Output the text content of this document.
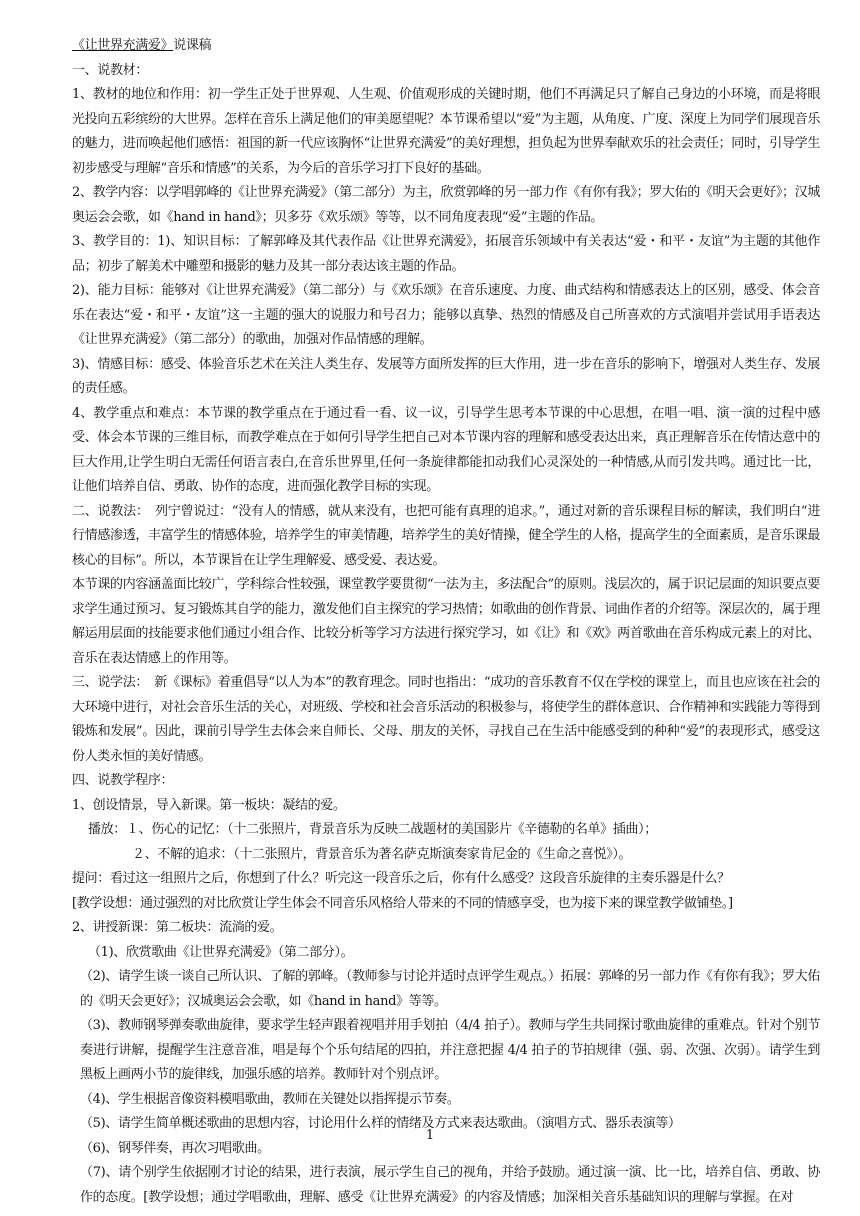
《让世界充满爱》说课稿

一、说教材：

1、教材的地位和作用：初一学生正处于世界观、人生观、价值观形成的关键时期，他们不再满足只了解自己身边的小环境，而是将眼光投向五彩缤纷的大世界。怎样在音乐上满足他们的审美愿望呢？本节课希望以“爱”为主题，从角度、广度、深度上为同学们展现音乐的魅力，进而唤起他们感悟：祖国的新一代应该胸怀“让世界充满爱”的美好理想，担负起为世界奉献欢乐的社会责任；同时，引导学生初步感受与理解“音乐和情感”的关系，为今后的音乐学习打下良好的基础。

2、教学内容：以学唱郭峰的《让世界充满爱》（第二部分）为主，欣赏郭峰的另一部力作《有你有我》；罗大佑的《明天会更好》；汉城奥运会会歌，如《hand in hand》；贝多芬《欢乐颂》等等，以不同角度表现“爱”主题的作品。

3、教学目的：1)、知识目标：了解郭峰及其代表作品《让世界充满爱》，拓展音乐领域中有关表达“爱・和平・友谊”为主题的其他作品；初步了解美术中雕塑和摄影的魅力及其一部分表达该主题的作品。

2)、能力目标：能够对《让世界充满爱》（第二部分）与《欢乐颂》在音乐速度、力度、曲式结构和情感表达上的区别，感受、体会音乐在表达“爱・和平・友谊”这一主题的强大的说服力和号召力；能够以真挚、热烈的情感及自己所喜欢的方式演唱并尝试用手语表达《让世界充满爱》（第二部分）的歌曲，加强对作品情感的理解。

3)、情感目标：感受、体验音乐艺术在关注人类生存、发展等方面所发挥的巨大作用，进一步在音乐的影响下，增强对人类生存、发展的责任感。

4、教学重点和难点：本节课的教学重点在于通过看一看、议一议，引导学生思考本节课的中心思想，在唱一唱、演一演的过程中感受、体会本节课的三维目标，而教学难点在于如何引导学生把自己对本节课内容的理解和感受表达出来，真正理解音乐在传情达意中的巨大作用,让学生明白无需任何语言表白,在音乐世界里,任何一条旋律都能扣动我们心灵深处的一种情感,从而引发共鸣。通过比一比，让他们培养自信、勇敢、协作的态度，进而强化教学目标的实现。

二、说教法：　列宁曾说过：“没有人的情感，就从来没有，也把可能有真理的追求。”，通过对新的音乐课程目标的解读，我们明白“进行情感渗透，丰富学生的情感体验，培养学生的审美情趣，培养学生的美好情操，健全学生的人格，提高学生的全面素质，是音乐课最核心的目标”。所以，本节课旨在让学生理解爱、感受爱、表达爱。

本节课的内容涵盖面比较广，学科综合性较强，课堂教学要贯彻“一法为主，多法配合”的原则。浅层次的，属于识记层面的知识要点要求学生通过预习、复习锻炼其自学的能力，激发他们自主探究的学习热情；如歌曲的创作背景、词曲作者的介绍等。深层次的，属于理解运用层面的技能要求他们通过小组合作、比较分析等学习方法进行探究学习，如《让》和《欢》两首歌曲在音乐构成元素上的对比、音乐在表达情感上的作用等。

三、说学法：　新《课标》着重倡导“以人为本”的教育理念。同时也指出：“成功的音乐教育不仅在学校的课堂上，而且也应该在社会的大环境中进行，对社会音乐生活的关心，对班级、学校和社会音乐活动的积极参与，将使学生的群体意识、合作精神和实践能力等得到锻炼和发展”。因此，课前引导学生去体会来自师长、父母、朋友的关怀，寻找自己在生活中能感受到的种种“爱”的表现形式，感受这份人类永恒的美好情感。

四、说教学程序：

1、创设情景，导入新课。第一板块：凝结的爱。

播放：１、伤心的记忆：（十二张照片，背景音乐为反映二战题材的美国影片《辛德勒的名单》插曲）；

２、不解的追求：（十二张照片，背景音乐为著名萨克斯演奏家肯尼金的《生命之喜悦》）。

提问：看过这一组照片之后，你想到了什么？听完这一段音乐之后，你有什么感受？这段音乐旋律的主奏乐器是什么？

[教学设想：通过强烈的对比欣赏让学生体会不同音乐风格给人带来的不同的情感享受，也为接下来的课堂教学做铺垫。]

2、讲授新课：第二板块：流淌的爱。

（1)、欣赏歌曲《让世界充满爱》（第二部分）。

（2)、请学生谈一谈自己所认识、了解的郭峰。（教师参与讨论并适时点评学生观点。）拓展：郭峰的另一部力作《有你有我》；罗大佑的《明天会更好》；汉城奥运会会歌，如《hand in hand》等等。

（3)、教师钢琴弹奏歌曲旋律，要求学生轻声跟着视唱并用手划拍（4/4 拍子）。教师与学生共同探讨歌曲旋律的重难点。针对个别节奏进行讲解，提醒学生注意音准，唱是每个个乐句结尾的四拍，并注意把握 4/4 拍子的节拍规律（强、弱、次强、次弱）。请学生到黑板上画两小节的旋律线，加强乐感的培养。教师针对个别点评。

（4)、学生根据音像资料模唱歌曲，教师在关键处以指挥提示节奏。

（5)、请学生简单概述歌曲的思想内容，讨论用什么样的情绪及方式来表达歌曲。（演唱方式、器乐表演等）

（6)、钢琴伴奏，再次习唱歌曲。

（7)、请个别学生依据刚才讨论的结果，进行表演，展示学生自己的视角，并给予鼓励。通过演一演、比一比，培养自信、勇敢、协作的态度。[教学设想；通过学唱歌曲，理解、感受《让世界充满爱》的内容及情感；加深相关音乐基础知识的理解与掌握。在对

1
